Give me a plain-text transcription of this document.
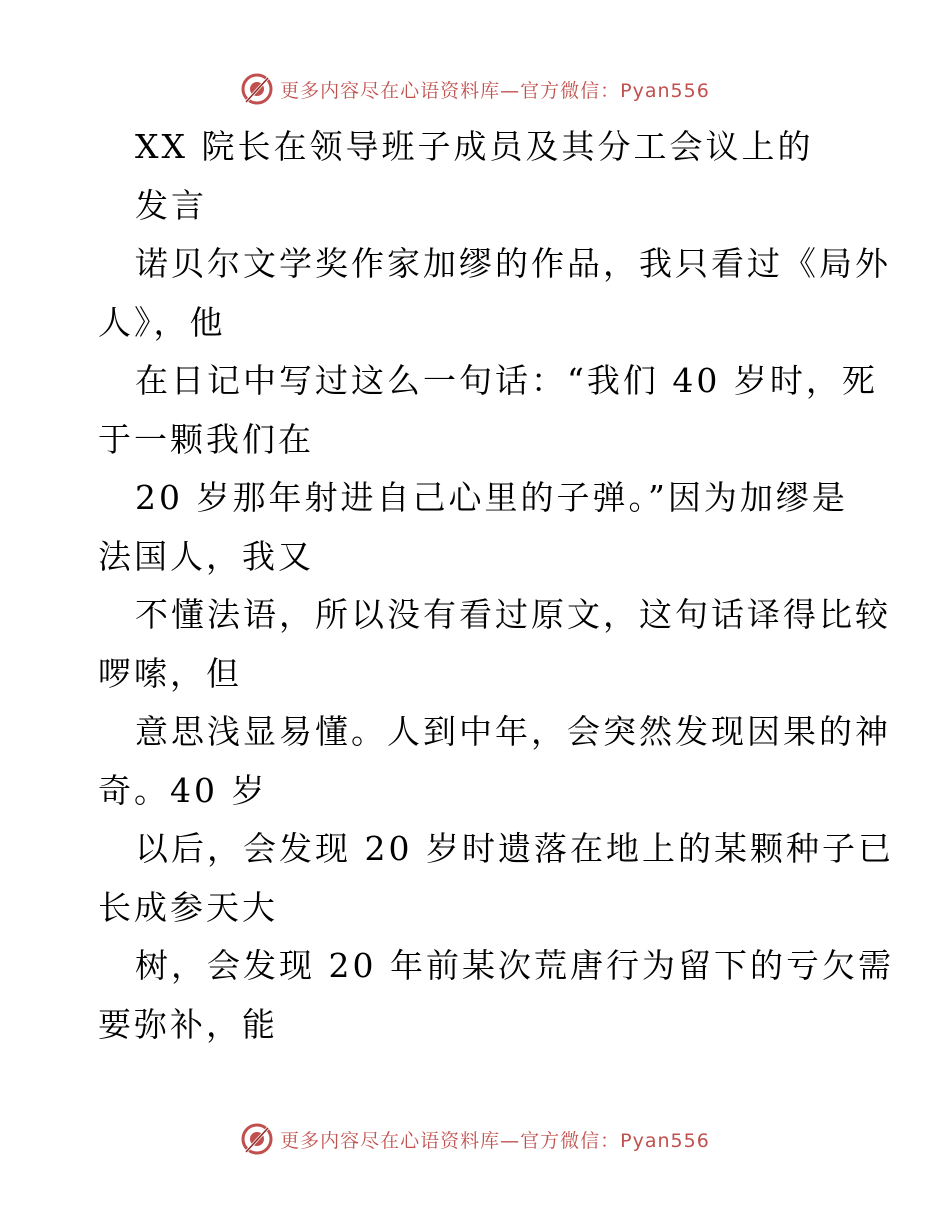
更多内容尽在心语资料库—官方微信：Pyan556
XX 院长在领导班子成员及其分工会议上的
发言
诺贝尔文学奖作家加缪的作品，我只看过《局外
人》，他
在日记中写过这么一句话：“我们 40 岁时，死
于一颗我们在
20 岁那年射进自己心里的子弹。”因为加缪是
法国人，我又
不懂法语，所以没有看过原文，这句话译得比较
啰嗦，但
意思浅显易懂。人到中年，会突然发现因果的神
奇。40 岁
以后，会发现 20 岁时遗落在地上的某颗种子已
长成参天大
树，会发现 20 年前某次荒唐行为留下的亏欠需
要弥补，能
更多内容尽在心语资料库—官方微信：Pyan556
